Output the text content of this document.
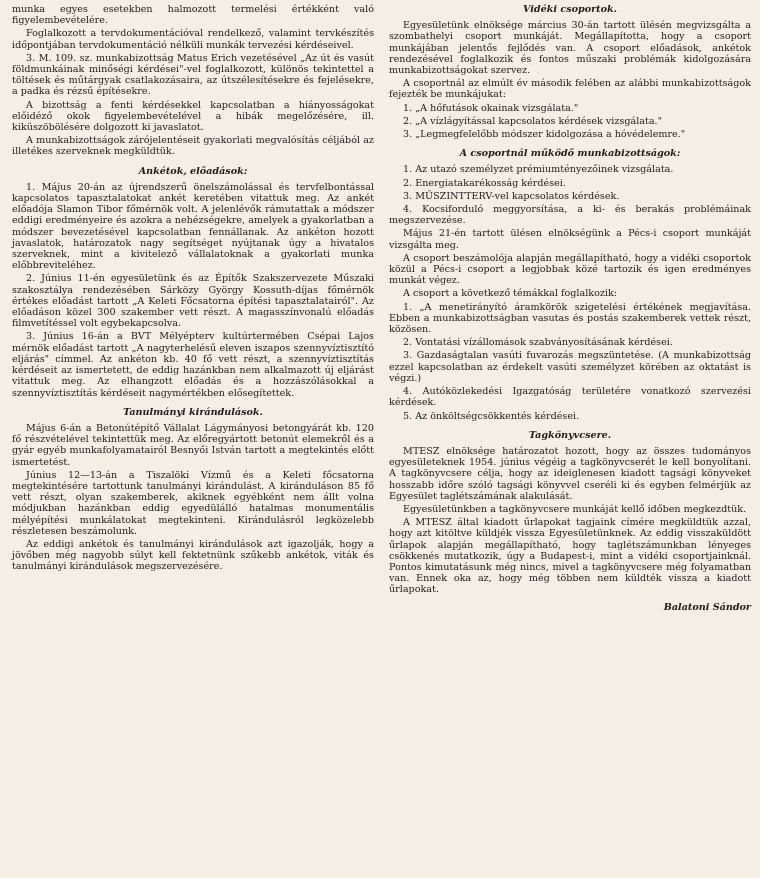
munka egyes esetekben halmozott termelési értékként való figyelembevételére.

Foglalkozott a tervdokumentációval rendelkező, valamint tervkészítés időpontjában tervdokumentáció nélküli munkák tervezési kérdéseivel.

3. M. 109. sz. munkabizottság Matus Erich vezetésével „Az út és vasút földmunkáinak minőségi kérdései"-vel foglalkozott, különös tekintettel a töltések és műtárgyak csatlakozásaira, az útszélesítésekre és fejelésekre, a padka és rézsű építésekre.

A bizottság a fenti kérdésekkel kapcsolatban a hiányosságokat előidéző okok figyelembevételével a hibák megelőzésére, ill. kiküszöbölésére dolgozott ki javaslatot.

A munkabizottságok zárójelentéseit gyakorlati megvalósítás céljából az illetékes szerveknek megküldtük.

Ankétok, előadások:

1. Május 20-án az újrendszerű önelszámolással és tervfelbontással kapcsolatos tapasztalatokat ankét keretében vitattuk meg. Az ankét előadója Slamon Tibor főmérnök volt. A jelenlévők rámutattak a módszer eddigi eredményeire és azokra a nehézségekre, amelyek a gyakorlatban a módszer bevezetésével kapcsolatban fennállanak. Az ankéton hozott javaslatok, határozatok nagy segítséget nyújtanak úgy a hivatalos szerveknek, mint a kivitelező vállalatoknak a gyakorlati munka előbbreviteléhez.

2. Június 11-én egyesületünk és az Építők Szakszervezete Műszaki szakosztálya rendezésében Sárközy György Kossuth-díjas főmérnök értékes előadást tartott „A Keleti Főcsatorna építési tapasztalatairól". Az előadáson közel 300 szakember vett részt. A magasszínvonalú előadás filmvetítéssel volt egybekapcsolva.

3. Június 16-án a BVT Mélyépterv kultúrtermében Csépai Lajos mérnök előadást tartott „A nagyterhelésű eleven iszapos szennyvíztisztító eljárás" címmel. Az ankéton kb. 40 fő vett részt, a szennyvíztisztítás kérdéseit az ismertetett, de eddig hazánkban nem alkalmazott új eljárást vitattuk meg. Az elhangzott előadás és a hozzászólásokkal a szennyvíztisztítás kérdéseit nagymértékben elősegítettek.

Tanulmányi kirándulások.

Május 6-án a Betonútépítő Vállalat Lágymányosi betongyárát kb. 120 fő részvételével tekintettük meg. Az előregyártott betonút elemekről és a gyár egyéb munkafolyamatairól Besnyői István tartott a megtekintés előtt ismertetést.

Június 12—13-án a Tiszalöki Vízmű és a Keleti főcsatorna megtekintésére tartottunk tanulmányi kirándulást. A kiránduláson 85 fő vett részt, olyan szakemberek, akiknek egyébként nem állt volna módjukban hazánkban eddig egyedülálló hatalmas monumentális mélyépítési munkálatokat megtekinteni. Kirándulásról legközelebb részletesen beszámolunk.

Az eddigi ankétok és tanulmányi kirándulások azt igazolják, hogy a jövőben még nagyobb súlyt kell fektetnünk szűkebb ankétok, viták és tanulmányi kirándulások megszervezésére.

Vidéki csoportok.

Egyesületünk elnöksége március 30-án tartott ülésén megvizsgálta a szombathelyi csoport munkáját. Megállapította, hogy a csoport munkájában jelentős fejlődés van. A csoport előadások, ankétok rendezésével foglalkozik és fontos műszaki problémák kidolgozására munkabizottságokat szervez.

A csoportnál az elmúlt év második felében az alábbi munkabizottságok fejezték be munkájukat:

1. „A hőfutások okainak vizsgálata."

2. „A vízlágyítással kapcsolatos kérdések vizsgálata."

3. „Legmegfelelőbb módszer kidolgozása a hóvédelemre."

A csoportnál működő munkabizottságok:

1. Az utazó személyzet prémiumtényezőinek vizsgálata.

2. Energiatakarékosság kérdései.

3. MŰSZINTTERV-vel kapcsolatos kérdések.

4. Kocsiforduló meggyorsítása, a ki- és berakás problémáinak megszervezése.

Május 21-én tartott ülésen elnökségünk a Pécs-i csoport munkáját vizsgálta meg.

A csoport beszámolója alapján megállapítható, hogy a vidéki csoportok közül a Pécs-i csoport a legjobbak közé tartozik és igen eredményes munkát végez.

A csoport a következő témákkal foglalkozik:

1. „A menetirányító áramkörök szigetelési értékének megjavítása. Ebben a munkabizottságban vasutas és postás szakemberek vettek részt, közösen.

2. Vontatási vízállomások szabványosításának kérdései.

3. Gazdaságtalan vasúti fuvarozás megszüntetése. (A munkabizottság ezzel kapcsolatban az érdekelt vasúti személyzet körében az oktatást is végzi.)

4. Autóközlekedési Igazgatóság területére vonatkozó szervezési kérdések.

5. Az önköltségcsökkentés kérdései.

Tagkönyvcsere.

MTESZ elnöksége határozatot hozott, hogy az összes tudományos egyesületeknek 1954. június végéig a tagkönyvcserét le kell bonyolítani. A tagkönyvcsere célja, hogy az ideiglenesen kiadott tagsági könyveket hosszabb időre szóló tagsági könyvvel cseréli ki és egyben felmérjük az Egyesület taglétszámának alakulását.

Egyesületünkben a tagkönyvcsere munkáját kellő időben megkezdtük.

A MTESZ által kiadott űrlapokat tagjaink címére megküldtük azzal, hogy azt kitöltve küldjék vissza Egyesületünknek. Az eddig visszaküldött űrlapok alapján megállapítható, hogy taglétszámunkban lényeges csökkenés mutatkozik, úgy a Budapest-i, mint a vidéki csoportjainknál. Pontos kimutatásunk még nincs, mivel a tagkönyvcsere még folyamatban van. Ennek oka az, hogy még többen nem küldték vissza a kiadott űrlapokat.

Balatoni Sándor
